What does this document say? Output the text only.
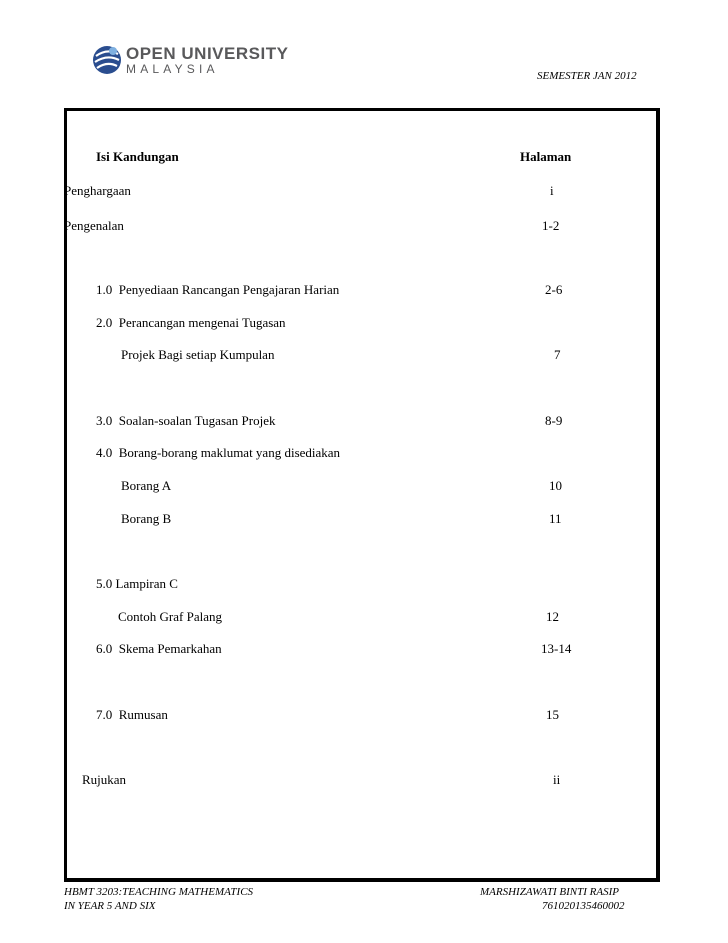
OPEN UNIVERSITY
MALAYSIA	SEMESTER JAN 2012
Isi Kandungan	Halaman
Penghargaan	i
Pengenalan	1-2
1.0  Penyediaan Rancangan Pengajaran Harian	2-6
2.0  Perancangan mengenai Tugasan
Projek Bagi setiap Kumpulan	7
3.0  Soalan-soalan Tugasan Projek	8-9
4.0  Borang-borang maklumat yang disediakan
Borang A	10
Borang B	11
5.0 Lampiran C
Contoh Graf Palang	12
6.0  Skema Pemarkahan	13-14
7.0  Rumusan	15
Rujukan	ii
HBMT 3203:TEACHING MATHEMATICS
IN YEAR 5 AND SIX
MARSHIZAWATI BINTI RASIP
761020135460002
